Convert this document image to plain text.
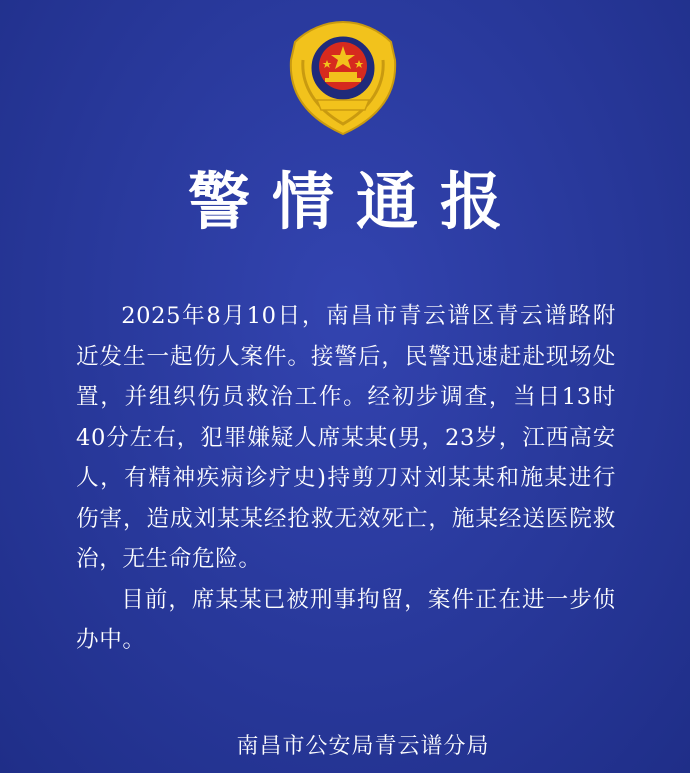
警情通报

2025年8月10日，南昌市青云谱区青云谱路附近发生一起伤人案件。接警后，民警迅速赶赴现场处置，并组织伤员救治工作。经初步调查，当日13时40分左右，犯罪嫌疑人席某某(男，23岁，江西高安人，有精神疾病诊疗史)持剪刀对刘某某和施某进行伤害，造成刘某某经抢救无效死亡，施某经送医院救治，无生命危险。

目前，席某某已被刑事拘留，案件正在进一步侦办中。

南昌市公安局青云谱分局
